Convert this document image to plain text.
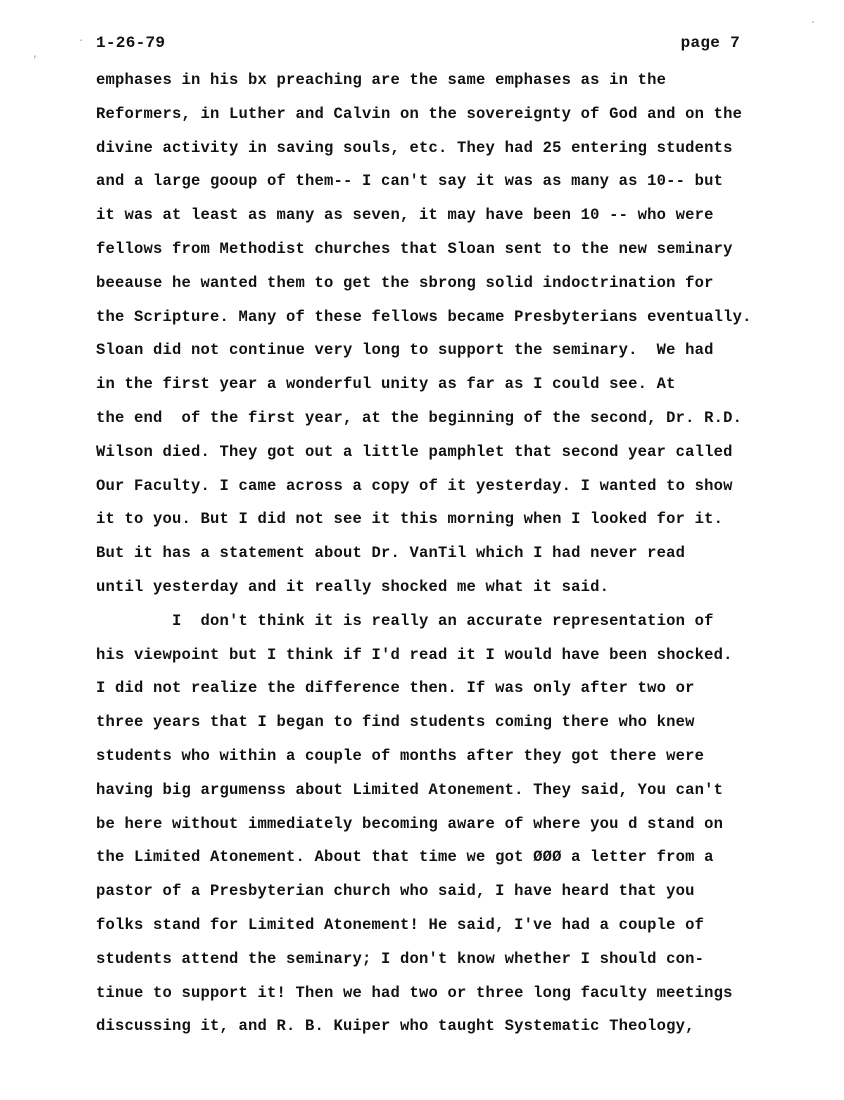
·
’
·
1-26-79	page 7
emphases in his bx preaching are the same emphases as in the
Reformers, in Luther and Calvin on the sovereignty of God and on the
divine activity in saving souls, etc. They had 25 entering students
and a large gooup of them-- I can't say it was as many as 10-- but
it was at least as many as seven, it may have been 10 -- who were
fellows from Methodist churches that Sloan sent to the new seminary
beeause he wanted them to get the sbrong solid indoctrination for
the Scripture. Many of these fellows became Presbyterians eventually.
Sloan did not continue very long to support the seminary.  We had
in the first year a wonderful unity as far as I could see. At
the end  of the first year, at the beginning of the second, Dr. R.D.
Wilson died. They got out a little pamphlet that second year called
Our Faculty. I came across a copy of it yesterday. I wanted to show
it to you. But I did not see it this morning when I looked for it.
But it has a statement about Dr. VanTil which I had never read
until yesterday and it really shocked me what it said.
I  don't think it is really an accurate representation of
his viewpoint but I think if I'd read it I would have been shocked.
I did not realize the difference then. If was only after two or
three years that I began to find students coming there who knew
students who within a couple of months after they got there were
having big argumenss about Limited Atonement. They said, You can't
be here without immediately becoming aware of where you d stand on
the Limited Atonement. About that time we got ØØØ a letter from a
pastor of a Presbyterian church who said, I have heard that you
folks stand for Limited Atonement! He said, I've had a couple of
students attend the seminary; I don't know whether I should con-
tinue to support it! Then we had two or three long faculty meetings
discussing it, and R. B. Kuiper who taught Systematic Theology,
